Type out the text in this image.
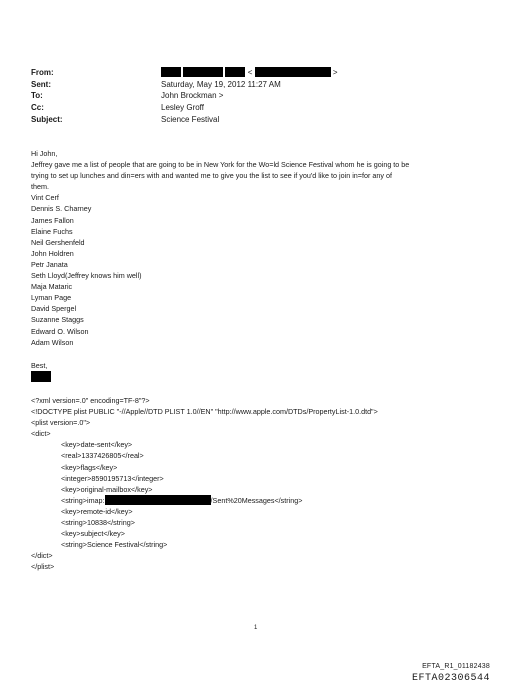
From:	<	>
Sent:	Saturday, May 19, 2012 11:27 AM
To:	John Brockman >
Cc:	Lesley Groff
Subject:	Science Festival
Hi John,
Jeffrey gave me a list of people that are going to be in New York for the Wo=ld Science Festival whom he is going to be
trying to set up lunches and din=ers with and wanted me to give you the list to see if you'd like to join in=for any of
them.
Vint Cerf
Dennis S. Charney
James Fallon
Elaine Fuchs
Neil Gershenfeld
John Holdren
Petr Janata
Seth Lloyd(Jeffrey knows him well)
Maja Mataric
Lyman Page
David Spergel
Suzanne Staggs
Edward O. Wilson
Adam Wilson
Best,
<?xml version=.0" encoding=TF-8"?>
<!DOCTYPE plist PUBLIC "-//Apple//DTD PLIST 1.0//EN" "http://www.apple.com/DTDs/PropertyList-1.0.dtd">
<plist version=.0">
<dict>
<key>date-sent</key>
<real>1337426805</real>
<key>flags</key>
<integer>8590195713</integer>
<key>original-mailbox</key>
<string>imap:	/Sent%20Messages</string>
<key>remote-id</key>
<string>10838</string>
<key>subject</key>
<string>Science Festival</string>
</dict>
</plist>
1
EFTA_R1_01182438
EFTA02306544
